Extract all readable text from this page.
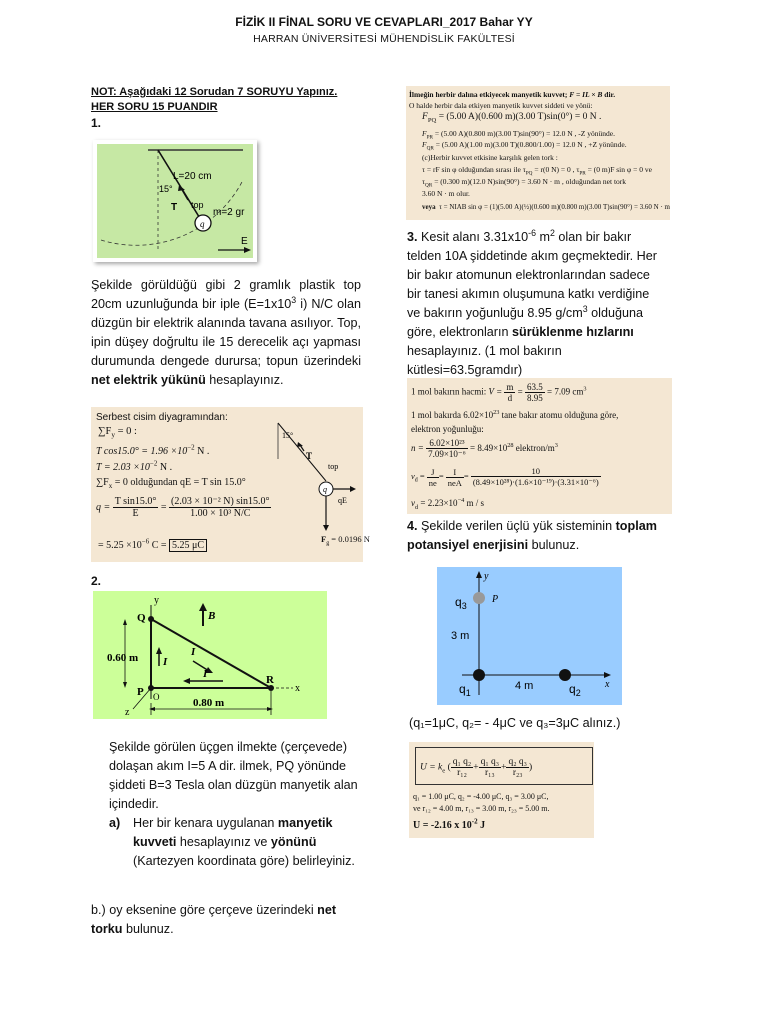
FİZİK II FİNAL SORU VE CEVAPLARI_2017 Bahar YY
HARRAN ÜNİVERSİTESİ MÜHENDİSLİK FAKÜLTESİ
NOT: Aşağıdaki 12 Sorudan 7 SORUYU Yapınız.
HER SORU 15 PUANDIR
1.
L=20 cm
15°
T top
q
m=2 gr
E
Şekilde görüldüğü gibi 2 gramlık plastik top 20cm uzunluğunda bir iple ($E=1x10^3$ i) N/C olan düzgün bir elektrik alanında tavana asılıyor. Top, ipin düşey doğrultu ile 15 derecelik açı yapması durumunda dengede durursa; topun üzerindeki net elektrik yükünü hesaplayınız.
Serbest cisim diyagramından:
$\sum F_y = 0$ :
T $\cos 15.0^\circ = 1.96 \times 10^{-2}$ N .
$T = 2.03 \times 10^{-2}$ N .
$\sum F_x = 0$ olduğundan qE = T sin 15.0°
$q = \frac{\text{T sin15.0°}}{E} = \frac{\text{(2.03 × 10⁻² N) sin15.0°}}{\text{1.00 × 10³ N/C}}$
= $5.25 \times 10^{-6}$ C = 5.25 μC
15°
T
top
q
qE
$F_g = 0.0196$ N
2.
y
Q	B
0.60 m I
I
I
P O
R
x
z
0.80 m
Şekilde görülen üçgen ilmekte (çerçevede) dolaşan akım I=5 A dir. ilmek, PQ yönünde şiddeti B=3 Tesla olan düzgün manyetik alan içindedir.
a)	Her bir kenara uygulanan manyetik kuvveti hesaplayınız ve yönünü (Kartezyen koordinata göre) belirleyiniz.
b.) oy eksenine göre çerçeve üzerindeki net torku bulunuz.
İlmeğin herbir dalına etkiyecek manyetik kuvvet; F = IL × B dir.
O halde herbir dala etkiyen manyetik kuvvet siddeti ve yönü:
$F_{PQ} = (5.00$ A)(0.600 m)(3.00 T)sin(0°) = 0 N .
$F_{PR} = (5.00$ A)(0.800 m)(3.00 T)sin(90°) = 12.0 N , -Z yönünde.
$F_{QR} = (5.00$ A)(1.00 m)(3.00 T)(0.800/1.00) = 12.0 N , +Z yönünde.
(c)Herbir kuvvet etkisine karşılık gelen tork :
τ = rF sin φ olduğundan sırası ile $\tau_{PQ} = r(0$ N) = 0 , $\tau_{PR} = (0$ m)F sin φ = 0 ve
$\tau_{QR} = (0.300$ m)(12.0 N)sin(90°) = 3.60 N · m , olduğundan net tork
3.60 N · m olur.
veya τ = NIAB sin φ = (1)(5.00 A)(½)(0.600 m)(0.800 m)(3.00 T)sin(90°) = 3.60 N · m
3. Kesit alanı $3.31x10^{-6}$ $m^2$ olan bir bakır telden 10A şiddetinde akım geçmektedir. Her bir bakır atomunun elektronlarından sadece bir tanesi akımın oluşumuna katkı verdiğine ve bakırın yoğunluğu 8.95 $g/cm^3$ olduğuna göre, elektronların sürüklenme hızlarını hesaplayınız. (1 mol bakırın kütlesi=63.5gramdır)
1 mol bakırın hacmi: $V = \frac{m}{d} = \frac{63.5}{8.95} = 7.09$ $cm^3$
1 mol bakırda $6.02\times 10^{23}$ tane bakır atomu olduğuna göre,
elektron yoğunluğu:
$n = \frac{\text{6.02×10²³}}{\text{7.09×10⁻⁶}} = 8.49\times 10^{28}$ elektron/$m^3$
$v_d = \frac{J}{ne} = \frac{I}{\text{neA}} = \frac{10}{\text{(8.49×10²⁸)·(1.6×10⁻¹⁹)·(3.31×10⁻⁶)}}$
$v_d = 2.23\times 10^{-4}$ m / s
4. Şekilde verilen üçlü yük sisteminin toplam potansiyel enerjisini bulunuz.
y
x
$q_3$
P
3 m
$q_1$
4 m	$q_2$
(q₁=1μC, q₂= - 4μC ve q₃=3μC alınız.)
$U = k_e$ ( $\frac{\text{q₁ q₂}}{\text{r₁₂}} + \frac{\text{q₁ q₃}}{\text{r₁₃}} + \frac{\text{q₂ q₃}}{\text{r₂₃}}$ )
q₁ = 1.00 μC, q₂ = -4.00 μC, q₃ = 3.00 μC,
ve r₁₂ = 4.00 m, r₁₃ = 3.00 m, r₂₃ = 5.00 m.
U = -2.16 x $10^{-2}$ J
